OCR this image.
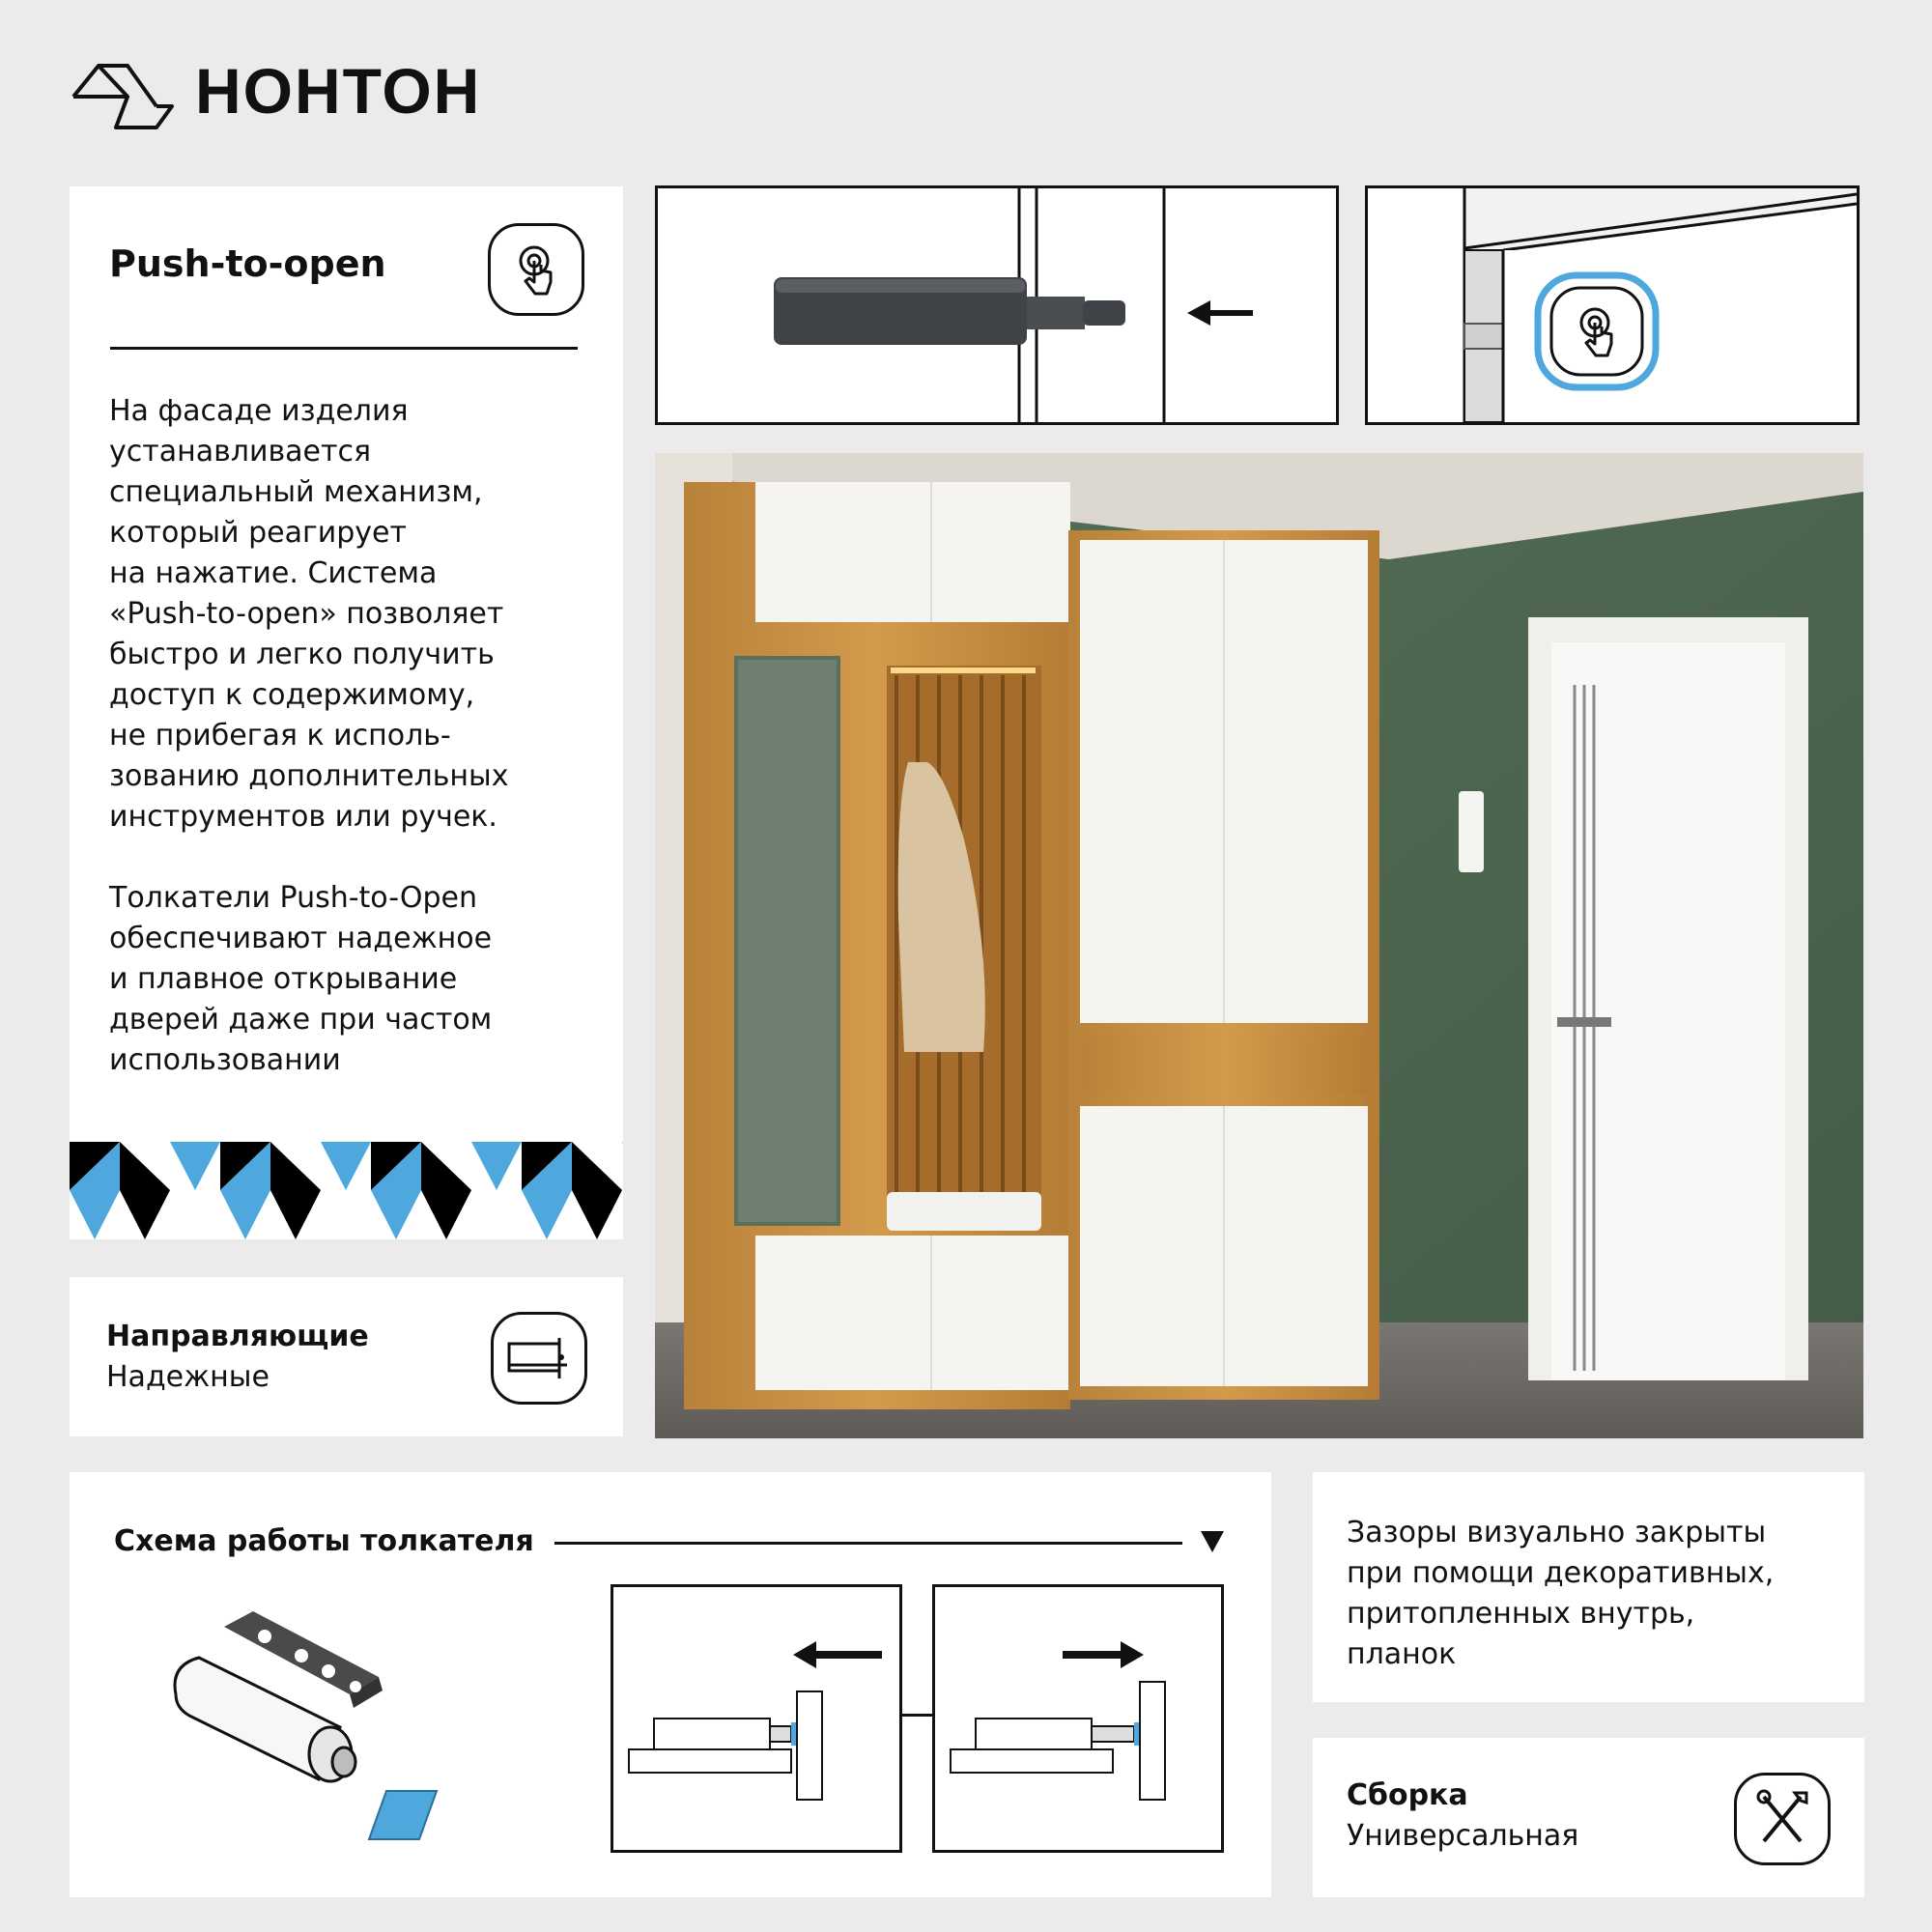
НОНТОН
Push-to-open
На фасаде изделия
устанавливается
специальный механизм,
который реагирует
на нажатие. Система
«Push-to-open» позволяет
быстро и легко получить
доступ к содержимому,
не прибегая к исполь-
зованию дополнительных
инструментов или ручек.
Толкатели Push-to-Open
обеспечивают надежное
и плавное открывание
дверей даже при частом
использовании
Направляющие
Надежные
Схема работы толкателя	Зазоры визуально закрыты
при помощи декоративных,
притопленных внутрь,
планок
Сборка
Универсальная
